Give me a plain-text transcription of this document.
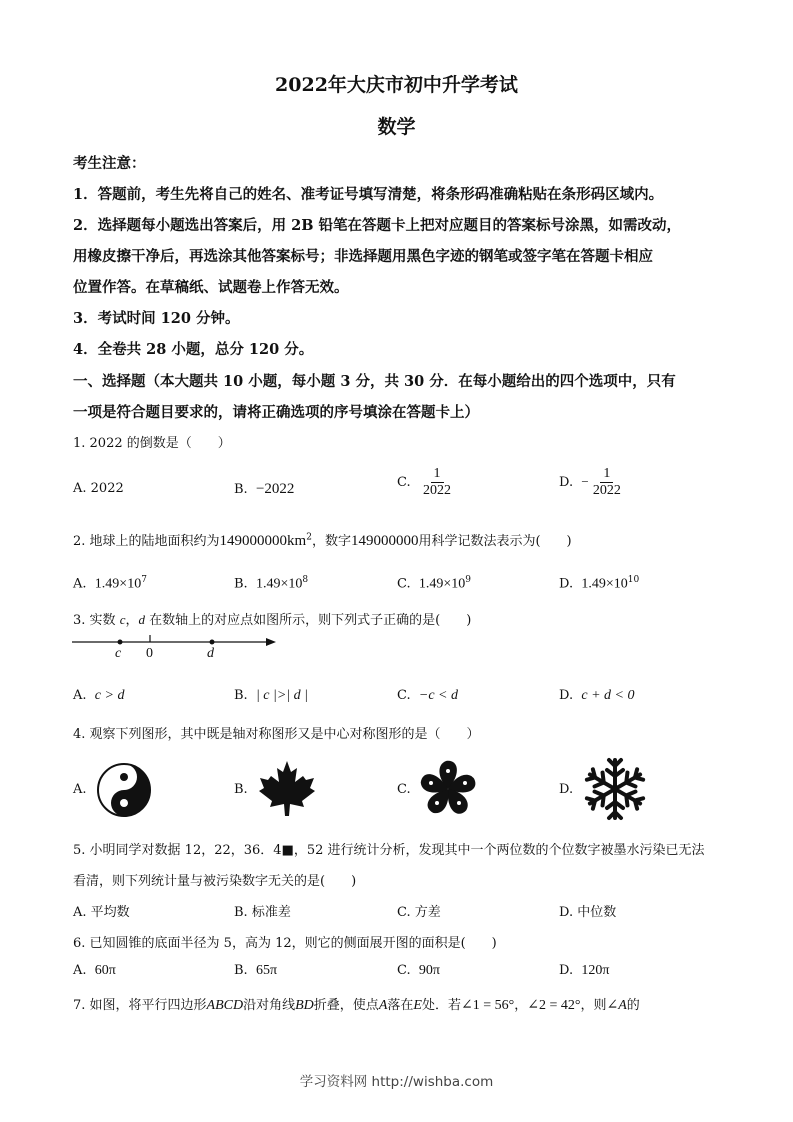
2022年大庆市初中升学考试
数学
考生注意：
1．答题前，考生先将自己的姓名、准考证号填写清楚，将条形码准确粘贴在条形码区域内。
2．选择题每小题选出答案后，用 2B 铅笔在答题卡上把对应题目的答案标号涂黑，如需改动，
用橡皮擦干净后，再选涂其他答案标号；非选择题用黑色字迹的钢笔或签字笔在答题卡相应
位置作答。在草稿纸、试题卷上作答无效。
3．考试时间 120 分钟。
4．全卷共 28 小题，总分 120 分。
一、选择题（本大题共 10 小题，每小题 3 分，共 30 分．在每小题给出的四个选项中，只有
一项是符合题目要求的，请将正确选项的序号填涂在答题卡上）
1. 2022 的倒数是（　　）
A. 2022	B. −2022	C. $\frac{1}{2022}$	D. − $\frac{1}{2022}$
2. 地球上的陆地面积约为$149000000km^2$，数字149000000用科学记数法表示为(　　)
A. $1.49\times 10^7$	B. $1.49\times 10^8$	C. $1.49\times 10^9$	D. $1.49\times 10^{10}$
3. 实数 c，d 在数轴上的对应点如图所示，则下列式子正确的是(　　)
c 0	d
A. c > d	B. | c |>| d |	C. −c < d	D. c + d < 0
4. 观察下列图形，其中既是轴对称图形又是中心对称图形的是（　　）
A.	B.	C.	D.
5. 小明同学对数据 12，22，36．4■，52 进行统计分析，发现其中一个两位数的个位数字被墨水污染已无法
看清，则下列统计量与被污染数字无关的是(　　)
A. 平均数	B. 标准差	C. 方差	D. 中位数
6. 已知圆锥的底面半径为 5，高为 12，则它的侧面展开图的面积是(　　)
A. 60π	B. 65π	C. 90π	D. 120π
7. 如图，将平行四边形ABCD沿对角线BD折叠，使点A落在E处．若∠1 = 56°，∠2 = 42°，则∠A的
学习资料网 http://wishba.com
